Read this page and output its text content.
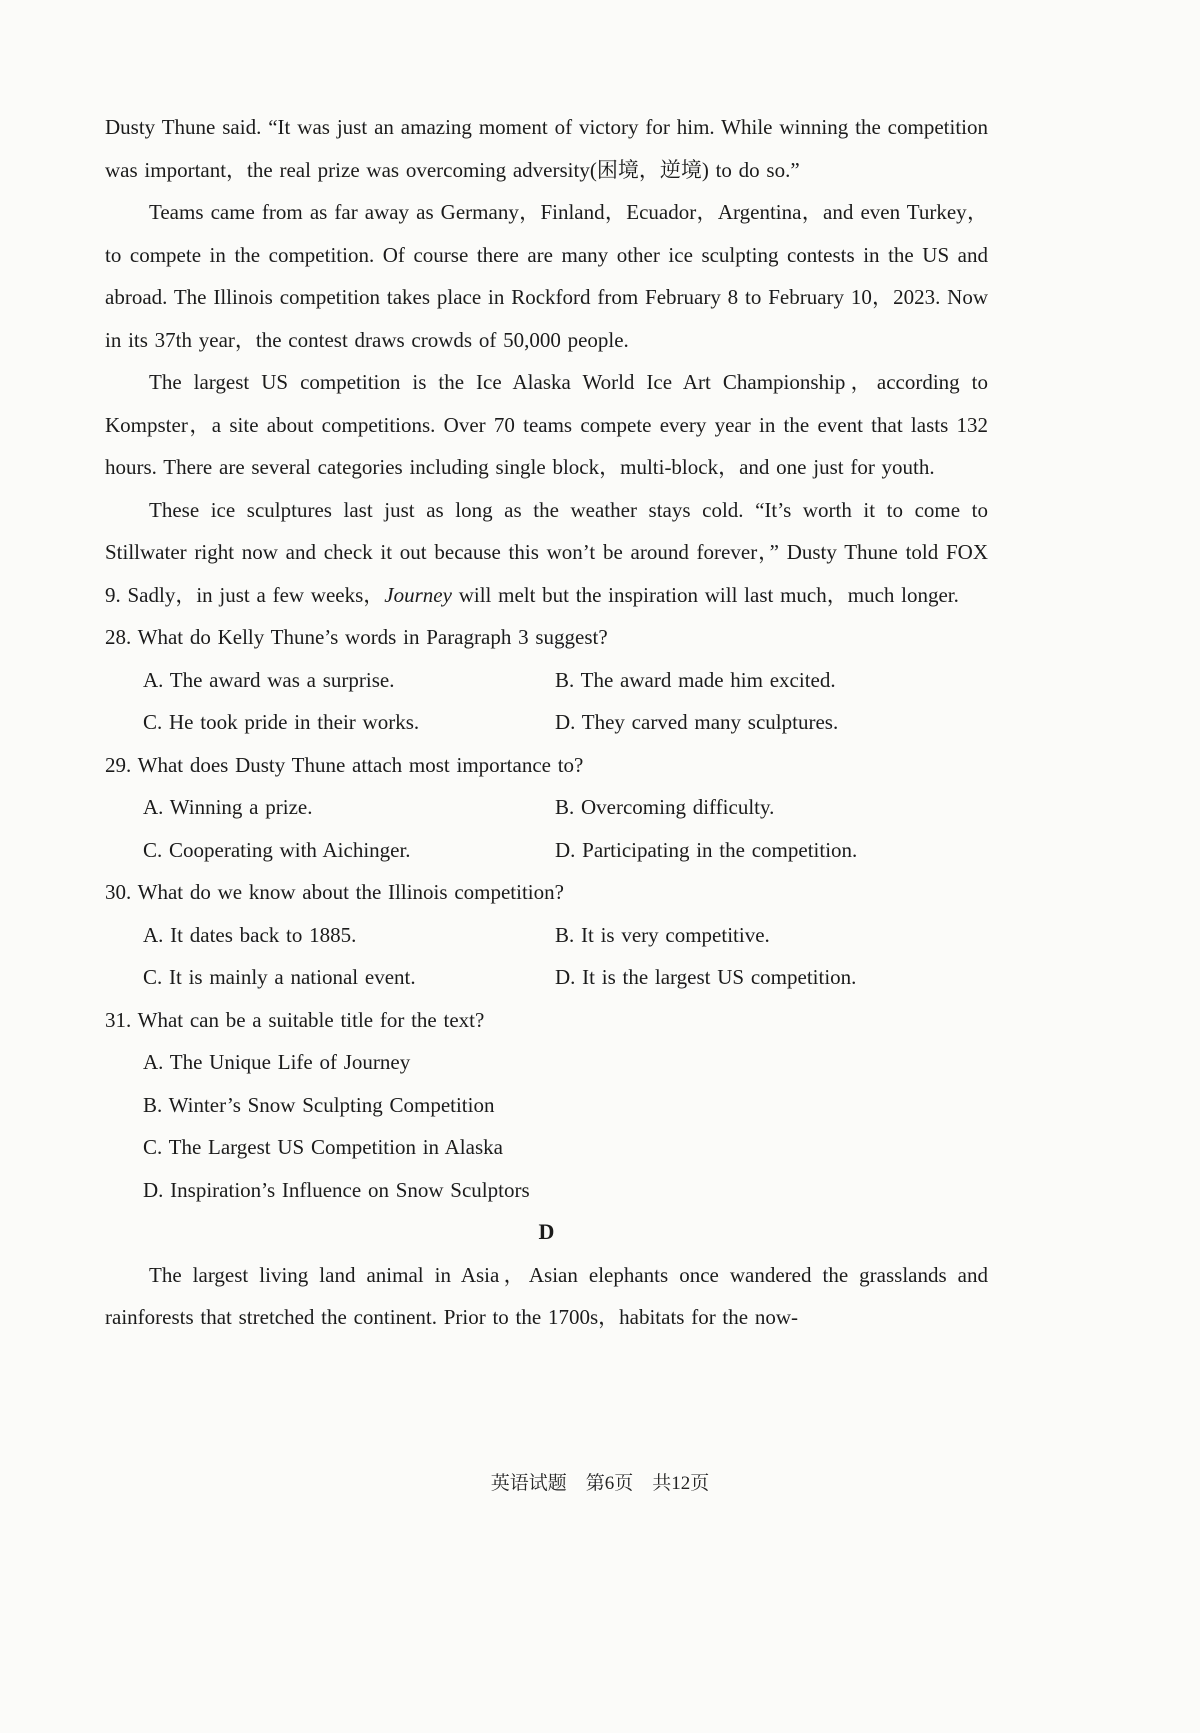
Dusty Thune said. “It was just an amazing moment of victory for him. While winning the competition was important，the real prize was overcoming adversity(困境，逆境) to do so.”

Teams came from as far away as Germany，Finland，Ecuador，Argentina，and even Turkey，to compete in the competition. Of course there are many other ice sculpting contests in the US and abroad. The Illinois competition takes place in Rockford from February 8 to February 10，2023. Now in its 37th year，the contest draws crowds of 50,000 people.

The largest US competition is the Ice Alaska World Ice Art Championship，according to Kompster，a site about competitions. Over 70 teams compete every year in the event that lasts 132 hours. There are several categories including single block，multi-block，and one just for youth.

These ice sculptures last just as long as the weather stays cold. “It’s worth it to come to Stillwater right now and check it out because this won’t be around forever，” Dusty Thune told FOX 9. Sadly，in just a few weeks，Journey will melt but the inspiration will last much，much longer.

28. What do Kelly Thune’s words in Paragraph 3 suggest?

A. The award was a surprise.	B. The award made him excited.

C. He took pride in their works.	D. They carved many sculptures.

29. What does Dusty Thune attach most importance to?

A. Winning a prize.	B. Overcoming difficulty.

C. Cooperating with Aichinger.	D. Participating in the competition.

30. What do we know about the Illinois competition?

A. It dates back to 1885.	B. It is very competitive.

C. It is mainly a national event.	D. It is the largest US competition.

31. What can be a suitable title for the text?

A. The Unique Life of Journey

B. Winter’s Snow Sculpting Competition

C. The Largest US Competition in Alaska

D. Inspiration’s Influence on Snow Sculptors

D

The largest living land animal in Asia，Asian elephants once wandered the grasslands and rainforests that stretched the continent. Prior to the 1700s，habitats for the now-

英语试题　第6页　共12页
